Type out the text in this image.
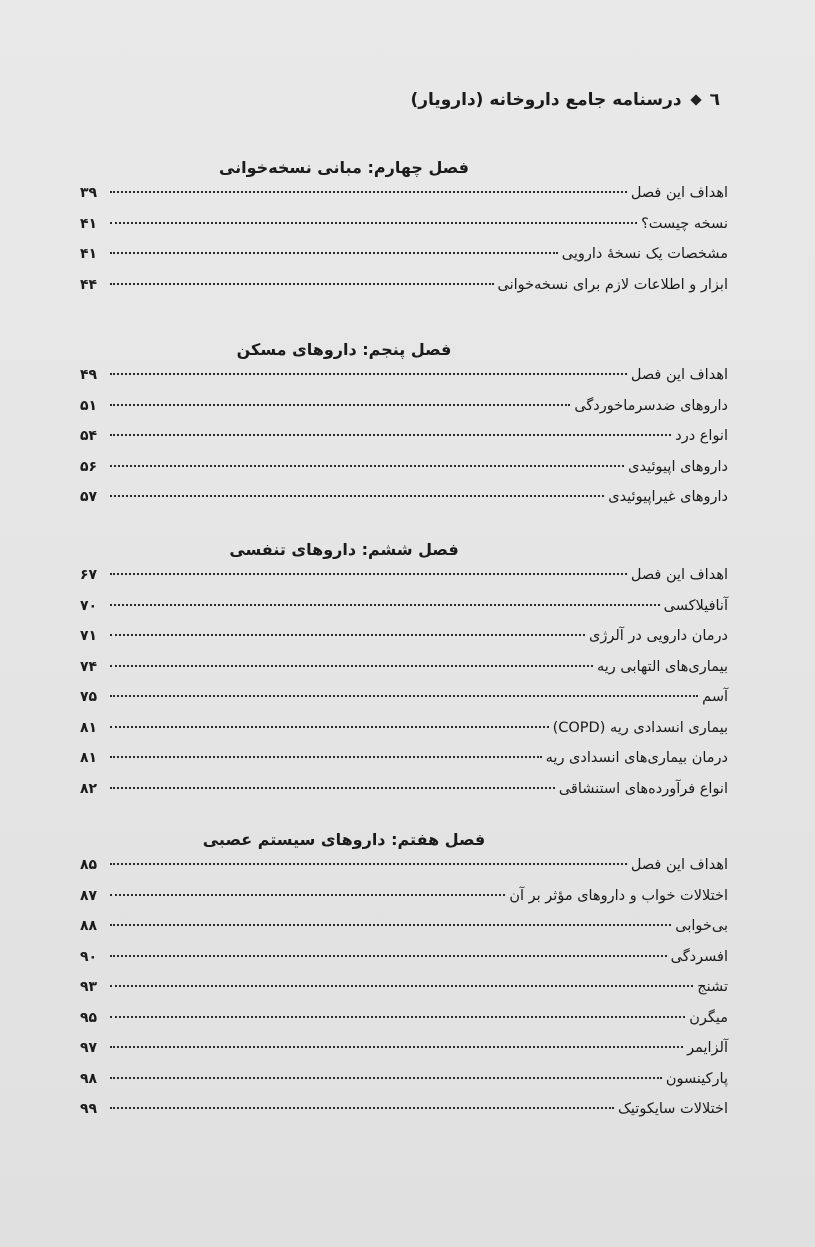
٦
درسنامه جامع داروخانه (دارویار)
فصل چهارم: مبانی نسخه‌خوانی
اهداف این فصل
۳۹
نسخه چیست؟
۴۱
مشخصات یک نسخهٔ دارویی
۴۱
ابزار و اطلاعات لازم برای نسخه‌خوانی
۴۴
فصل پنجم: داروهای مسکن
اهداف این فصل
۴۹
داروهای ضدسرماخوردگی
۵۱
انواع درد
۵۴
داروهای اپیوئیدی
۵۶
داروهای غیراپیوئیدی
۵۷
فصل ششم: داروهای تنفسی
اهداف این فصل
۶۷
آنافیلاکسی
۷۰
درمان دارویی در آلرژی
۷۱
بیماری‌های التهابی ریه
۷۴
آسم
۷۵
بیماری انسدادی ریه (COPD)
۸۱
درمان بیماری‌های انسدادی ریه
۸۱
انواع فرآورده‌های استنشاقی
۸۲
فصل هفتم: داروهای سیستم عصبی
اهداف این فصل
۸۵
اختلالات خواب و داروهای مؤثر بر آن
۸۷
بی‌خوابی
۸۸
افسردگی
۹۰
تشنج
۹۳
میگرن
۹۵
آلزایمر
۹۷
پارکینسون
۹۸
اختلالات سایکوتیک
۹۹
